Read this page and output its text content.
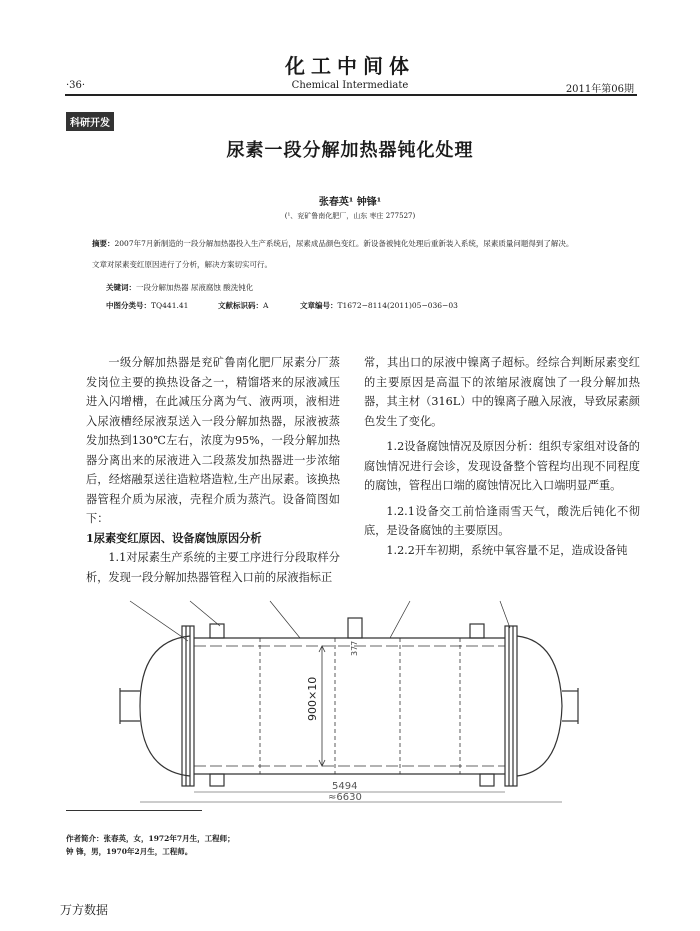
化工中间体
·36·	Chemical Intermediate	2011年第06期
科研开发
尿素一段分解加热器钝化处理
张春英¹ 钟锋¹
(¹、兖矿鲁南化肥厂，山东 枣庄 277527)
摘要：2007年7月新制造的一段分解加热器投入生产系统后，尿素成品颜色变红。新设备被钝化处理后重新装入系统，尿素质量问题得到了解决。
文章对尿素变红原因进行了分析，解决方案切实可行。
关键词：一段分解加热器 尿液腐蚀 酸洗钝化
中图分类号：TQ441.41	文献标识码：A	文章编号：T1672−8114(2011)05−036−03

一级分解加热器是兖矿鲁南化肥厂尿素分厂蒸发岗位主要的换热设备之一，精馏塔来的尿液减压进入闪增槽，在此减压分离为气、液两项，液相进入尿液槽经尿液泵送入一段分解加热器，尿液被蒸发加热到130℃左右，浓度为95%，一段分解加热器分离出来的尿液进入二段蒸发加热器进一步浓缩后，经熔融泵送往造粒塔造粒,生产出尿素。该换热器管程介质为尿液，壳程介质为蒸汽。设备简图如下：

1尿素变红原因、设备腐蚀原因分析

1.1对尿素生产系统的主要工序进行分段取样分析，发现一段分解加热器管程入口前的尿液指标正

常，其出口的尿液中镍离子超标。经综合判断尿素变红的主要原因是高温下的浓缩尿液腐蚀了一段分解加热器，其主材（316L）中的镍离子融入尿液，导致尿素颜色发生了变化。

1.2设备腐蚀情况及原因分析：组织专家组对设备的腐蚀情况进行会诊，发现设备整个管程均出现不同程度的腐蚀，管程出口端的腐蚀情况比入口端明显严重。

1.2.1设备交工前恰逢雨雪天气，酸洗后钝化不彻底，是设备腐蚀的主要原因。

1.2.2开车初期，系统中氧容量不足，造成设备钝

900×10
377
5494
≈6630
作者简介：张春英，女，1972年7月生，工程师；
钟 锋，男，1970年2月生，工程师。
万方数据
